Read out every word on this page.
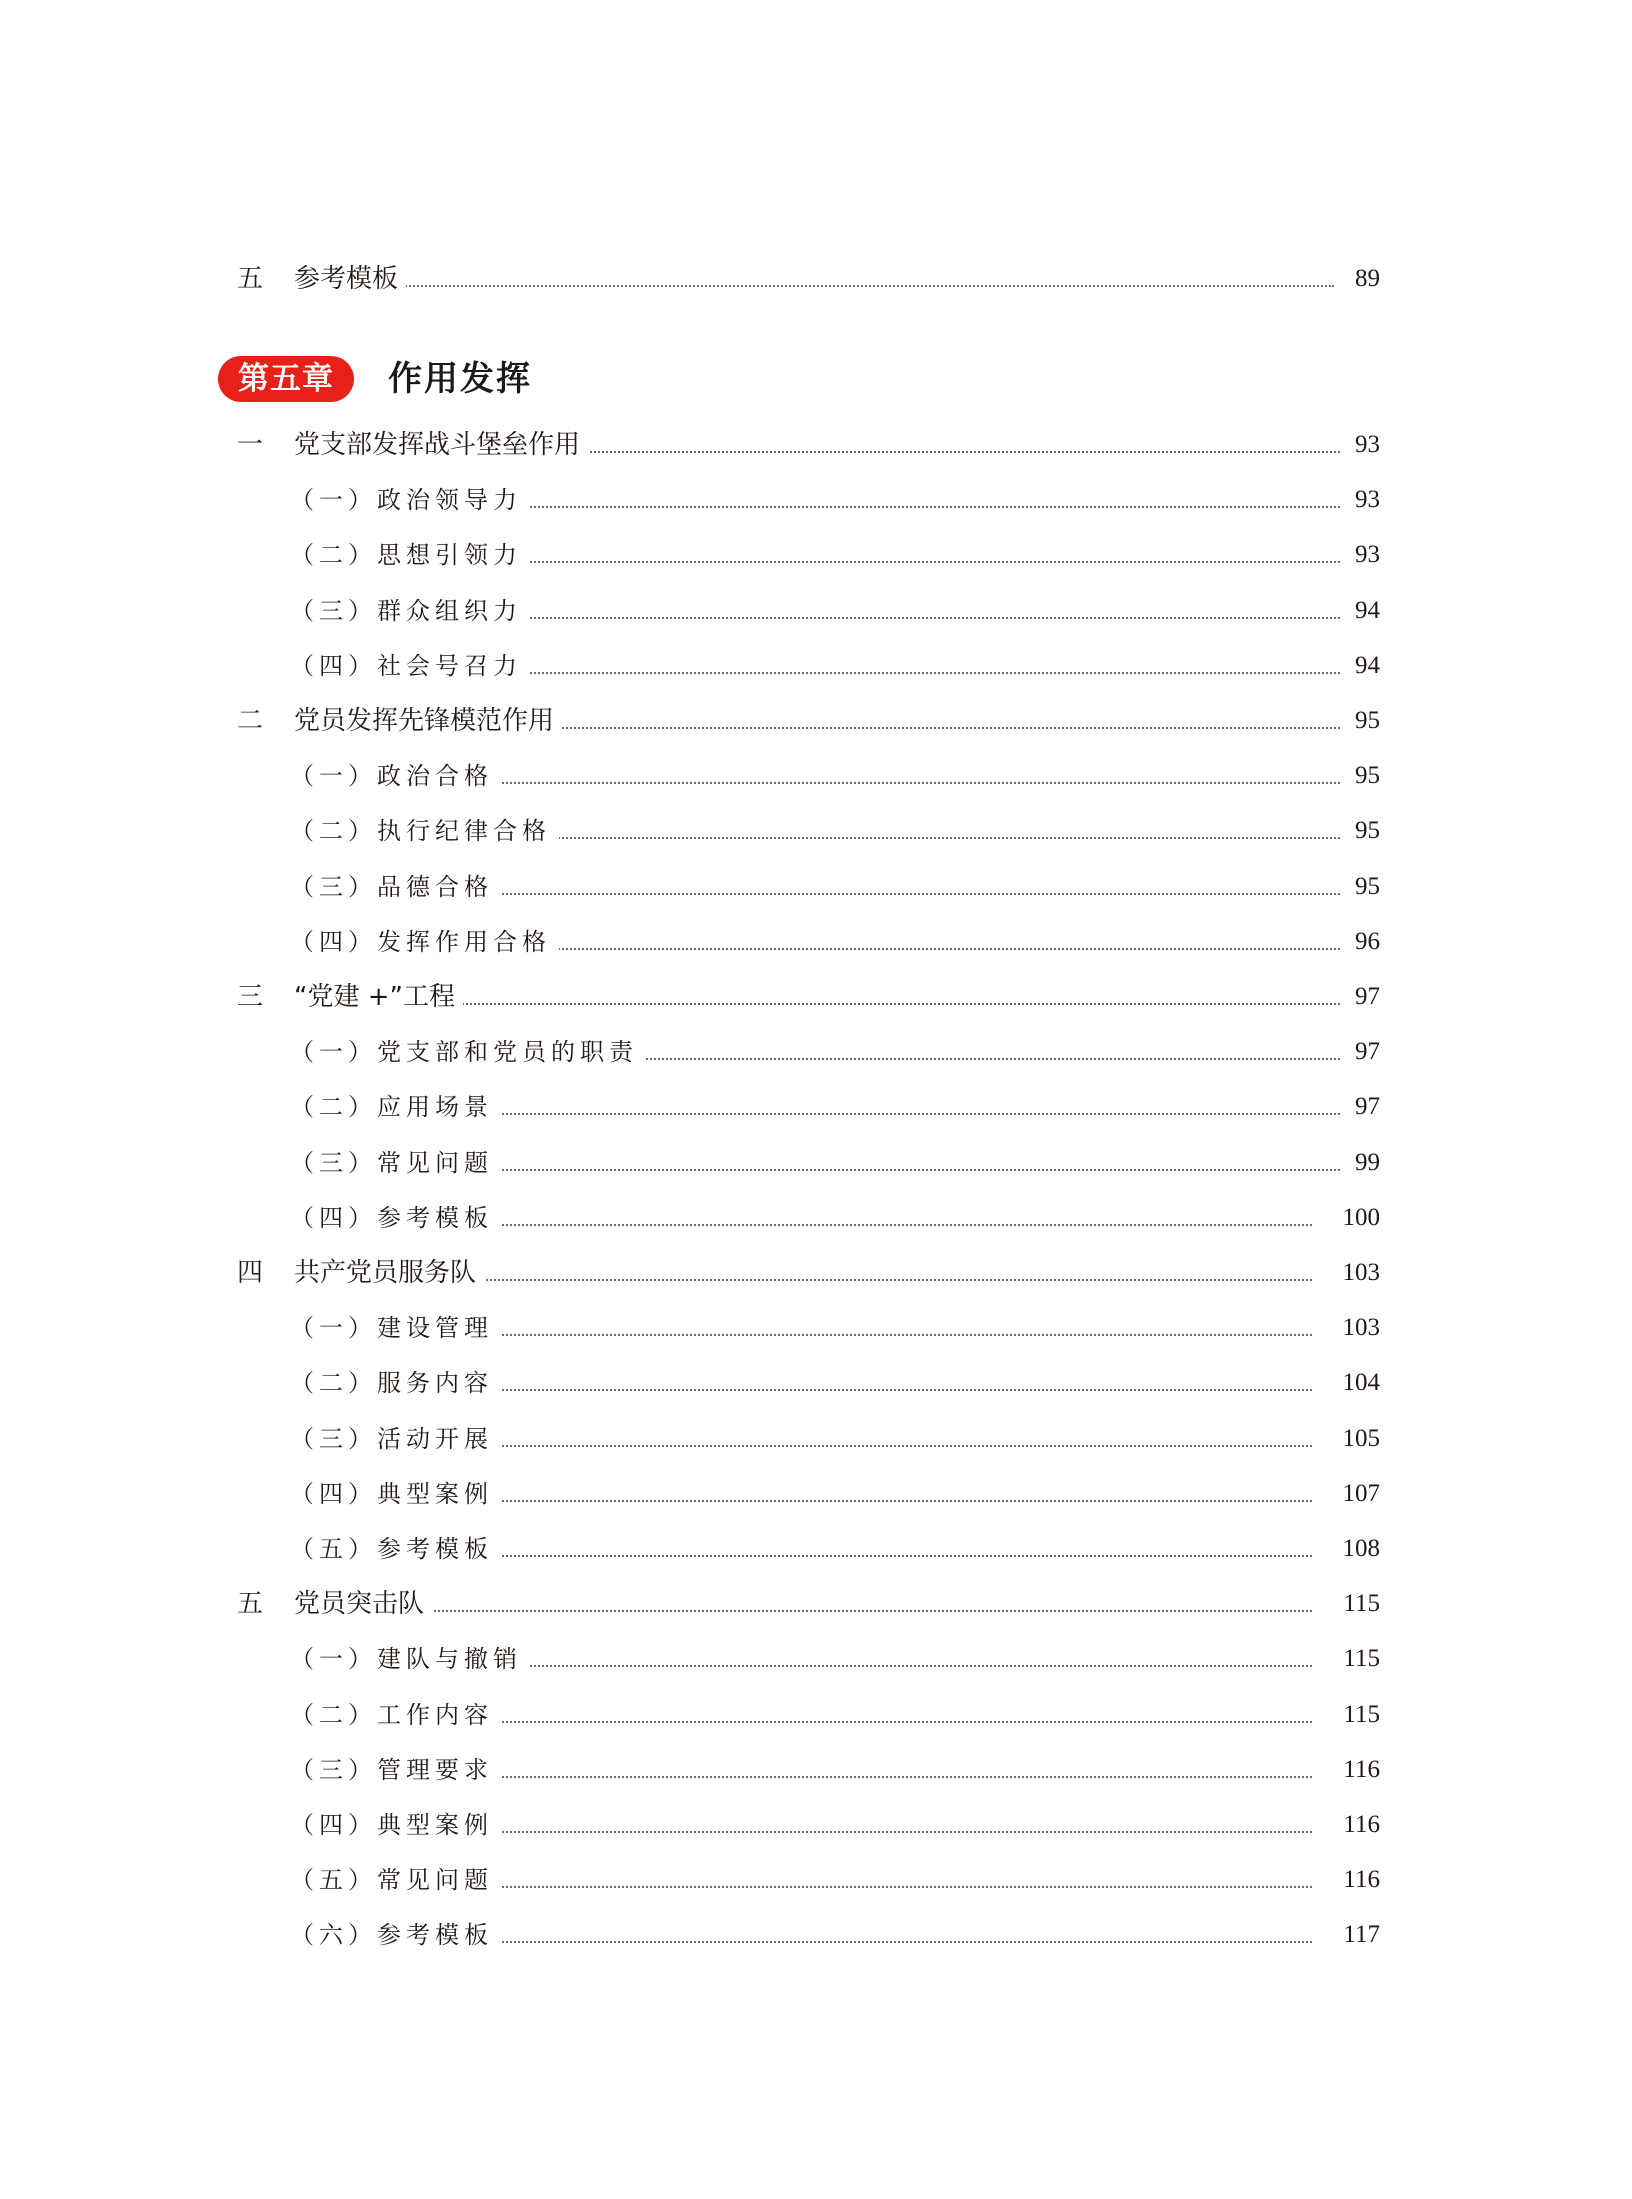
五 参考模板	89
第五章	作用发挥
一 党支部发挥战斗堡垒作用	93
（一）政治领导力	93
（二）思想引领力	93
（三）群众组织力	94
（四）社会号召力	94
二 党员发挥先锋模范作用	95
（一）政治合格	95
（二）执行纪律合格	95
（三）品德合格	95
（四）发挥作用合格	96
三 “党建 +”工程	97
（一）党支部和党员的职责	97
（二）应用场景	97
（三）常见问题	99
（四）参考模板	100
四 共产党员服务队	103
（一）建设管理	103
（二）服务内容	104
（三）活动开展	105
（四）典型案例	107
（五）参考模板	108
五 党员突击队	115
（一）建队与撤销	115
（二）工作内容	115
（三）管理要求	116
（四）典型案例	116
（五）常见问题	116
（六）参考模板	117
